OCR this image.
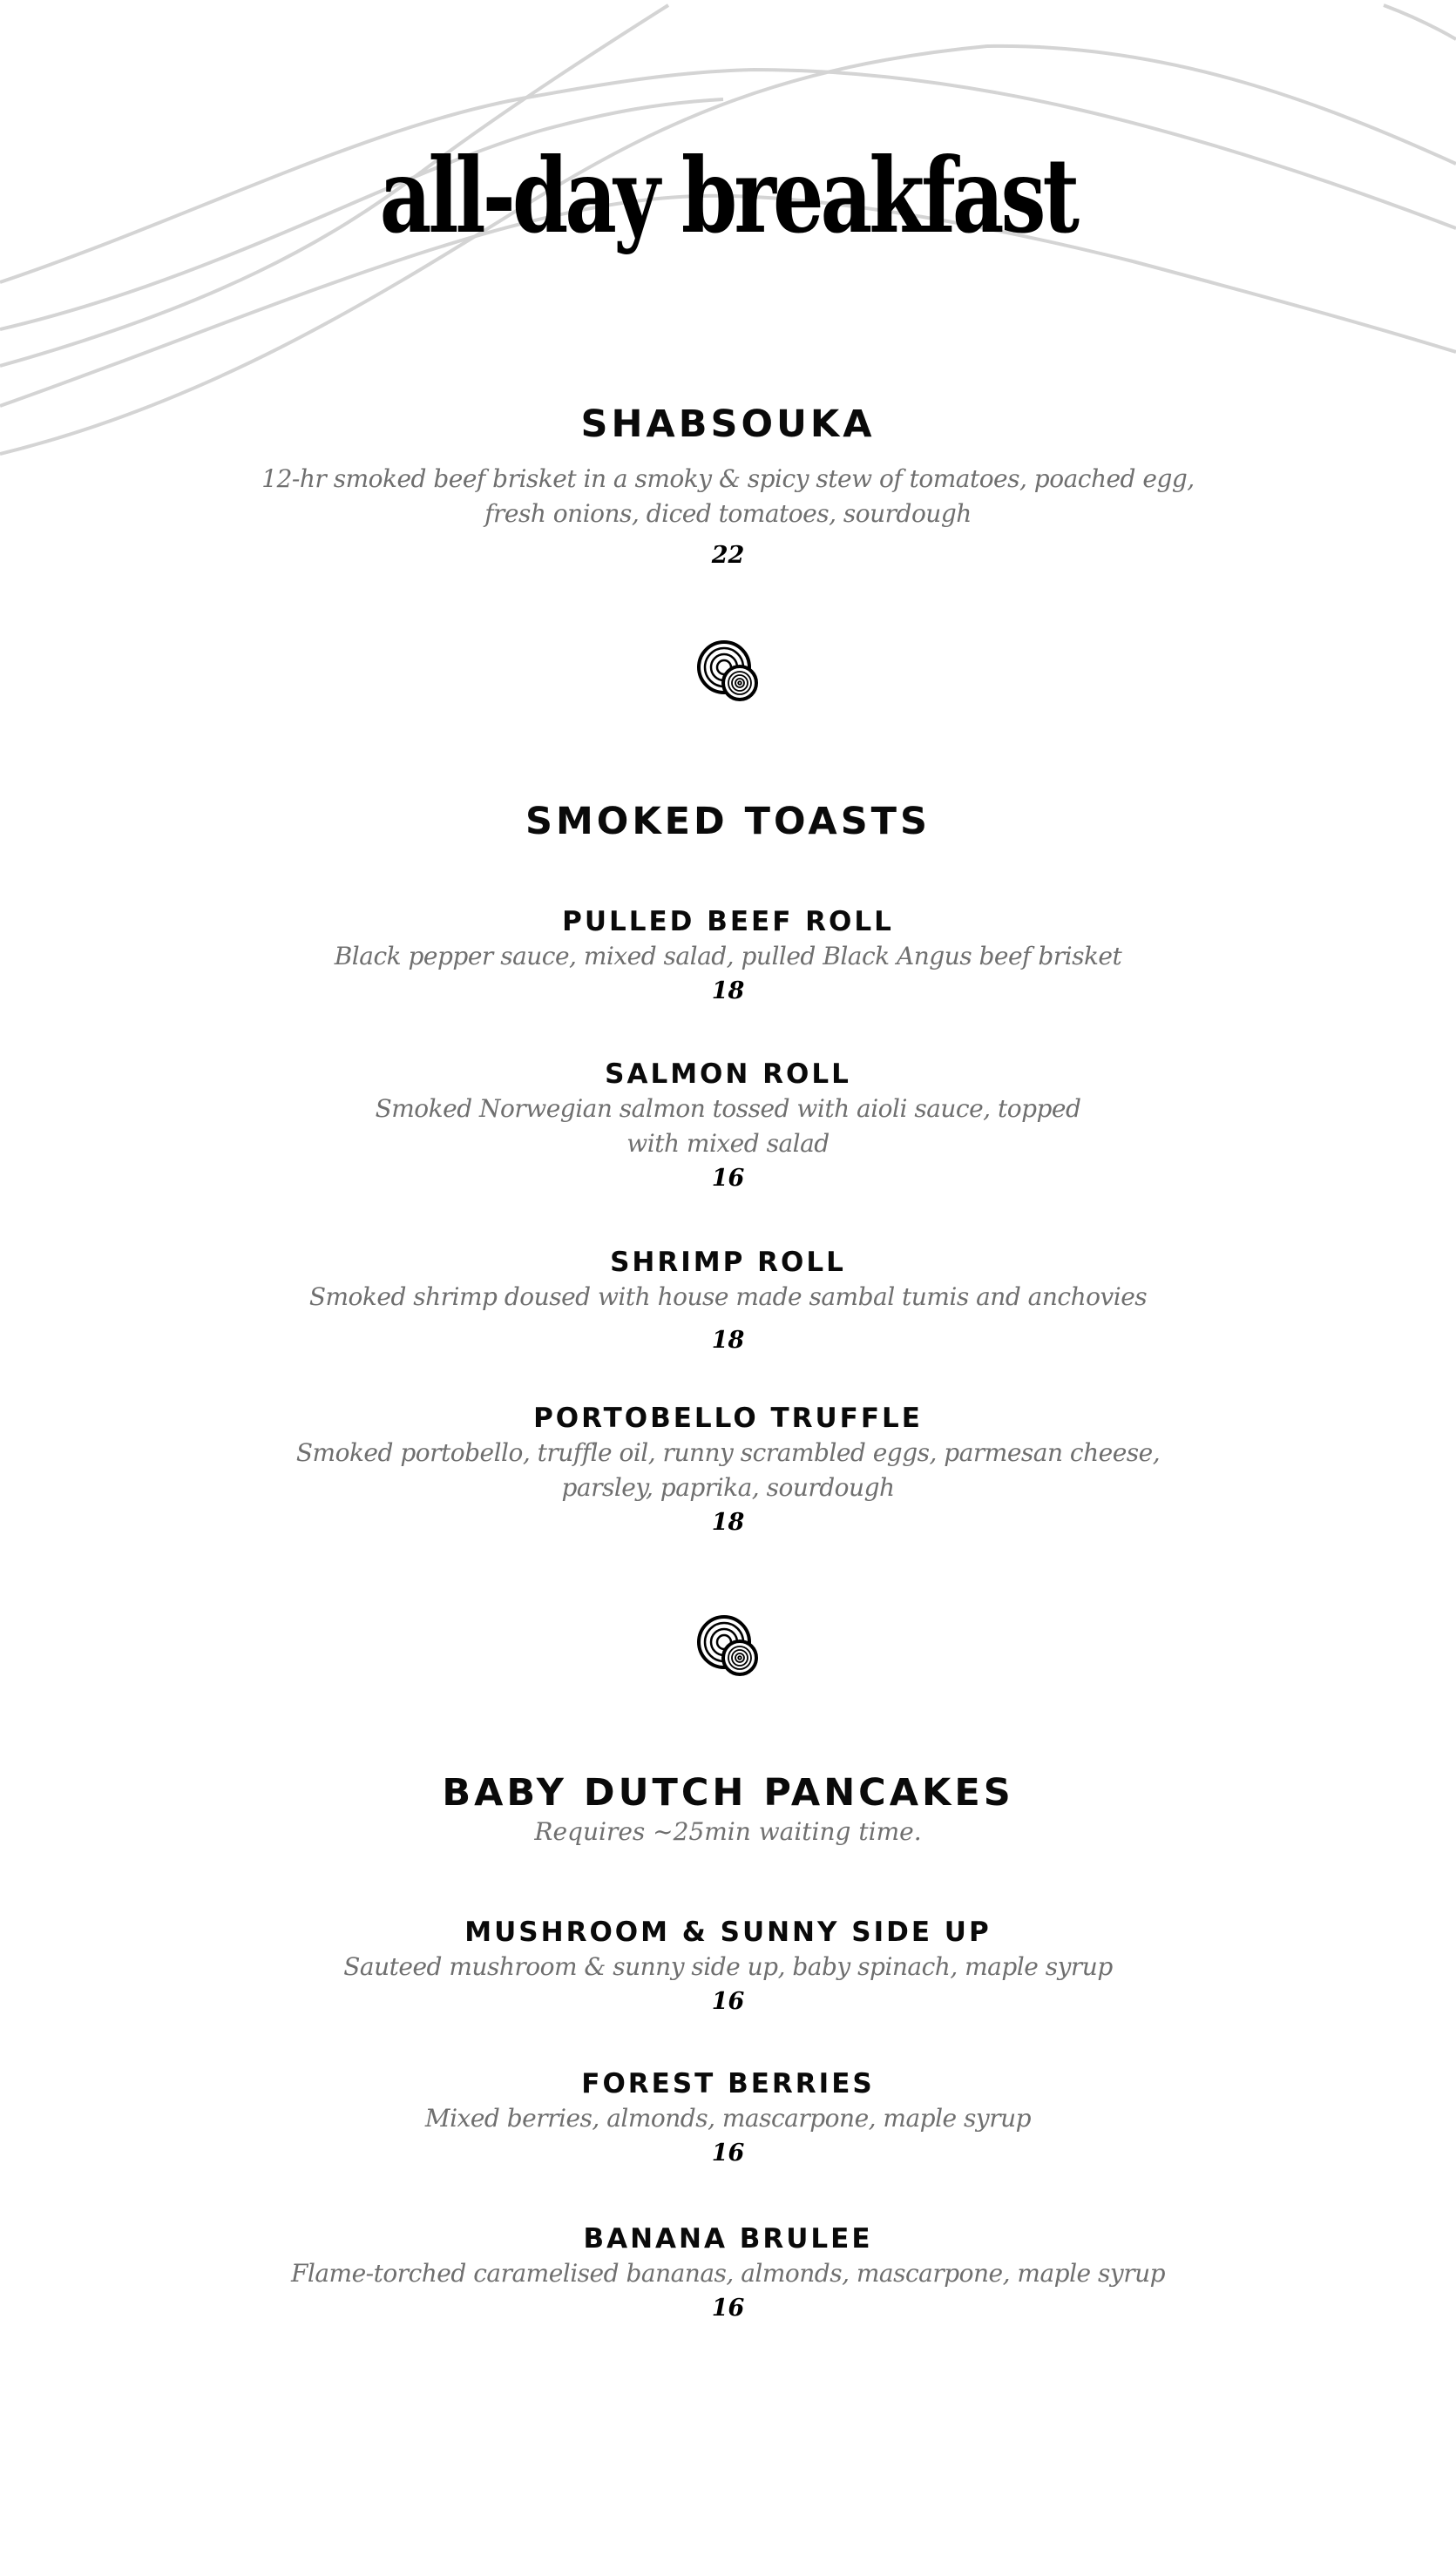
all-day breakfast
SHABSOUKA

12-hr smoked beef brisket in a smoky & spicy stew of tomatoes, poached egg,

fresh onions, diced tomatoes, sourdough

22

SMOKED TOASTS
PULLED BEEF ROLL

Black pepper sauce, mixed salad, pulled Black Angus beef brisket

18

SALMON ROLL

Smoked Norwegian salmon tossed with aioli sauce, topped

with mixed salad

16

SHRIMP ROLL

Smoked shrimp doused with house made sambal tumis and anchovies

18

PORTOBELLO TRUFFLE

Smoked portobello, truffle oil, runny scrambled eggs, parmesan cheese,

parsley, paprika, sourdough

18

BABY DUTCH PANCAKES

Requires ~25min waiting time.

MUSHROOM & SUNNY SIDE UP

Sauteed mushroom & sunny side up, baby spinach, maple syrup

16

FOREST BERRIES

Mixed berries, almonds, mascarpone, maple syrup

16

BANANA BRULEE

Flame-torched caramelised bananas, almonds, mascarpone, maple syrup

16
